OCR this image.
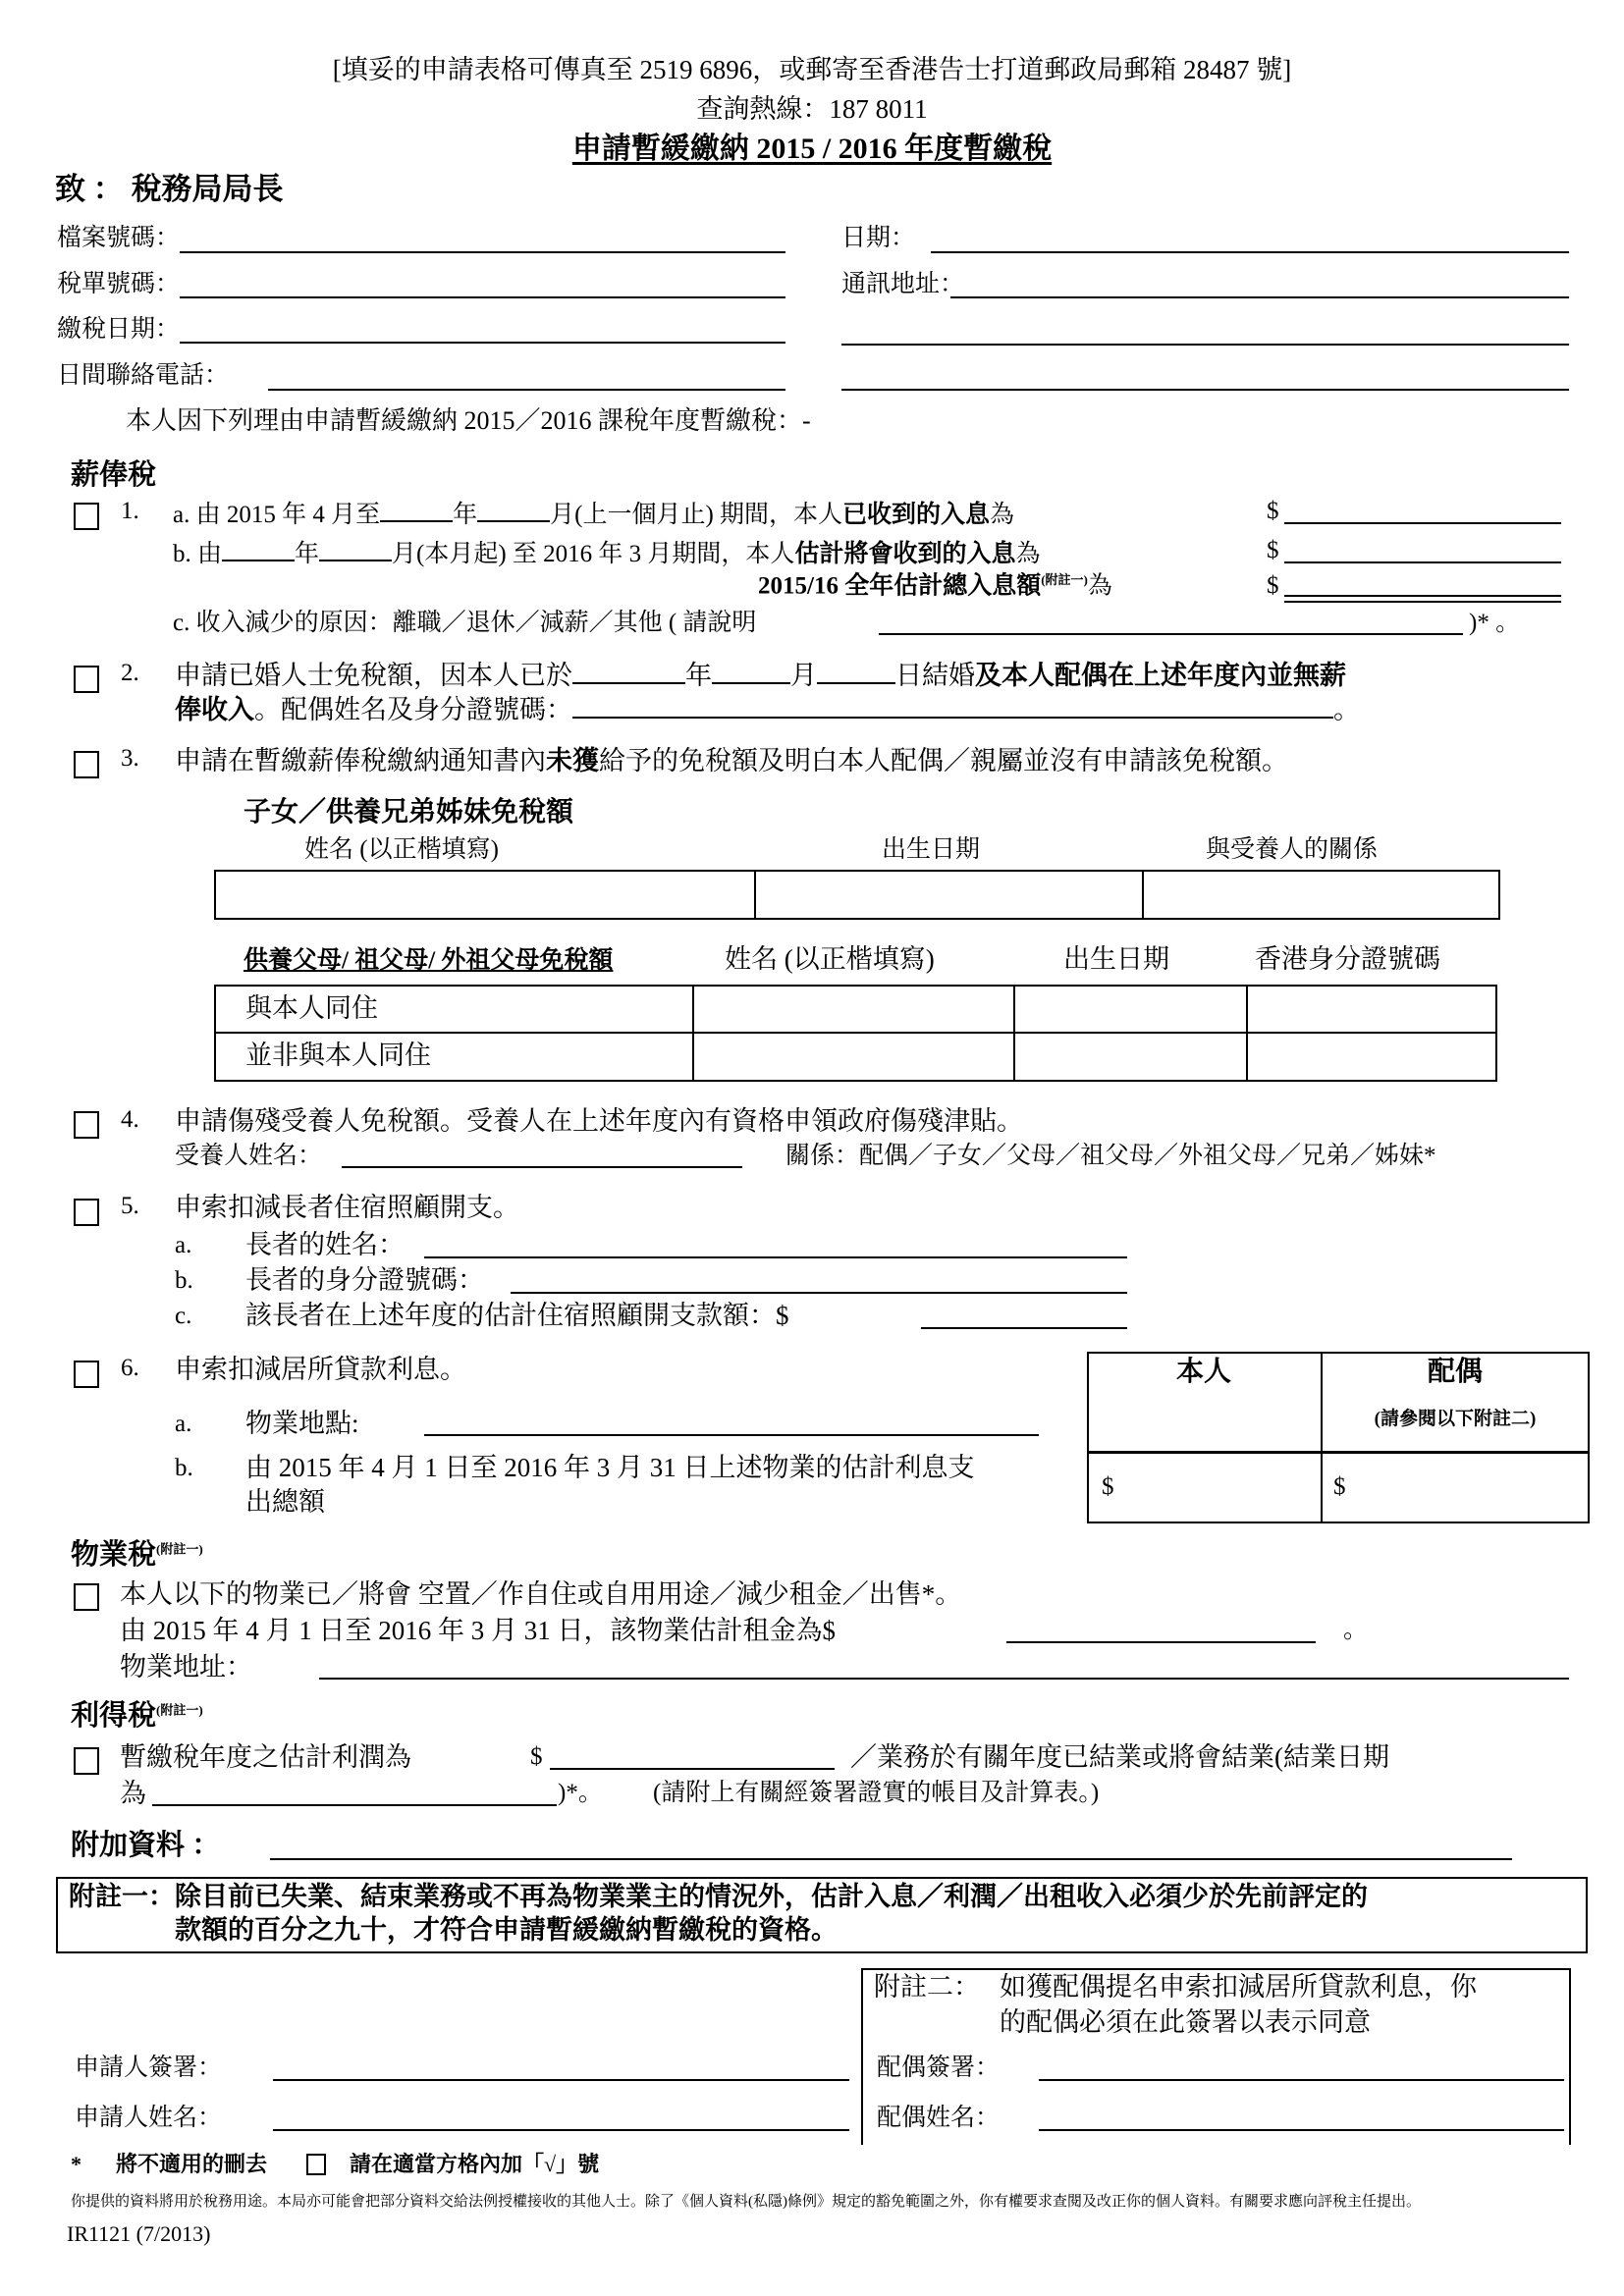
[填妥的申請表格可傳真至 2519 6896，或郵寄至香港告士打道郵政局郵箱 28487 號]
查詢熱線：187 8011
申請暫緩繳納 2015 / 2016 年度暫繳稅
致 ： 稅務局局長
檔案號碼：	日期：
稅單號碼：	通訊地址：
繳稅日期：
日間聯絡電話：
本人因下列理由申請暫緩繳納 2015／2016 課稅年度暫繳稅：-
薪俸稅
1. a. 由 2015 年 4 月至	年	月(上一個月止) 期間，本人已收到的入息為	$
b. 由	年	月(本月起) 至 2016 年 3 月期間，本人估計將會收到的入息為	$
2015/16 全年估計總入息額$^{(附註一)}$為	$
c. 收入減少的原因：離職／退休／減薪／其他 ( 請說明	)* 。
2. 申請已婚人士免稅額，因本人已於	年	月	日結婚及本人配偶在上述年度內並無薪
俸收入。配偶姓名及身分證號碼：	。
3. 申請在暫繳薪俸稅繳納通知書內未獲給予的免稅額及明白本人配偶／親屬並沒有申請該免稅額。
子女／供養兄弟姊妹免稅額
姓名 (以正楷填寫)	出生日期	與受養人的關係
供養父母/ 祖父母/ 外祖父母免稅額	姓名 (以正楷填寫)	出生日期	香港身分證號碼
與本人同住
並非與本人同住
4. 申請傷殘受養人免稅額。受養人在上述年度內有資格申領政府傷殘津貼。
受養人姓名：	關係：配偶／子女／父母／祖父母／外祖父母／兄弟／姊妹*
5. 申索扣減長者住宿照顧開支。
a. 長者的姓名：
b. 長者的身分證號碼：
c. 該長者在上述年度的估計住宿照顧開支款額：$
6. 申索扣減居所貸款利息。
a. 物業地點:
b. 由 2015 年 4 月 1 日至 2016 年 3 月 31 日上述物業的估計利息支
出總額
本人	配偶
(請參閱以下附註二)
$	$
物業稅$^{(附註一)}$
本人以下的物業已／將會 空置／作自住或自用用途／減少租金／出售*。
由 2015 年 4 月 1 日至 2016 年 3 月 31 日，該物業估計租金為$	。
物業地址：
利得稅$^{(附註一)}$
暫繳稅年度之估計利潤為	$	／業務於有關年度已結業或將會結業(結業日期
為	)*。 (請附上有關經簽署證實的帳目及計算表。)
附加資料 ：
附註一：除目前已失業、結束業務或不再為物業業主的情況外，估計入息／利潤／出租收入必須少於先前評定的
款額的百分之九十，才符合申請暫緩繳納暫繳稅的資格。
附註二： 如獲配偶提名申索扣減居所貸款利息，你
的配偶必須在此簽署以表示同意
申請人簽署：
申請人姓名：
配偶簽署：
配偶姓名：
* 將不適用的刪去	請在適當方格內加「√」號
你提供的資料將用於稅務用途。本局亦可能會把部分資料交給法例授權接收的其他人士。除了《個人資料(私隱)條例》規定的豁免範圍之外，你有權要求查閱及改正你的個人資料。有關要求應向評稅主任提出。
IR1121 (7/2013)
